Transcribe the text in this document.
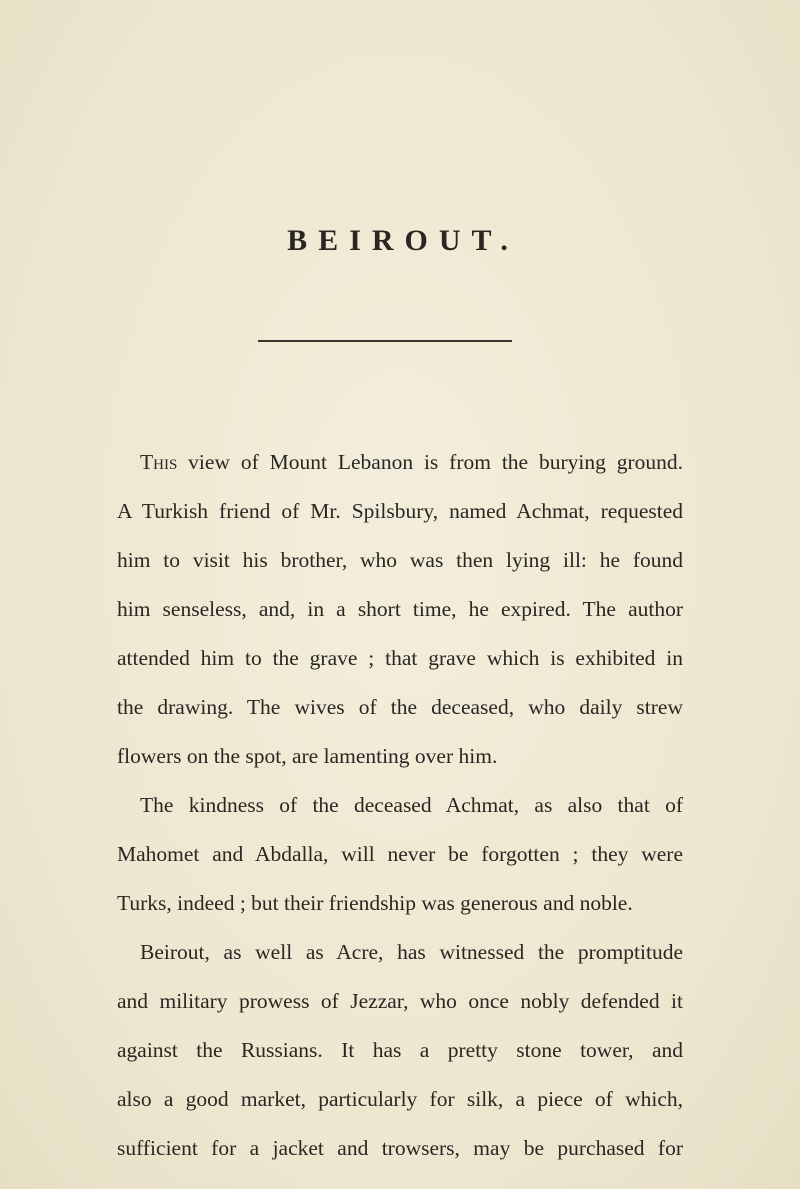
BEIROUT.
This view of Mount Lebanon is from the burying ground.
A Turkish friend of Mr. Spilsbury, named Achmat, requested
him to visit his brother, who was then lying ill: he found
him senseless, and, in a short time, he expired. The author
attended him to the grave ; that grave which is exhibited in
the drawing. The wives of the deceased, who daily strew
flowers on the spot, are lamenting over him.
The kindness of the deceased Achmat, as also that of
Mahomet and Abdalla, will never be forgotten ; they were
Turks, indeed ; but their friendship was generous and noble.
Beirout, as well as Acre, has witnessed the promptitude
and military prowess of Jezzar, who once nobly defended it
against the Russians. It has a pretty stone tower, and
also a good market, particularly for silk, a piece of which,
sufficient for a jacket and trowsers, may be purchased for
